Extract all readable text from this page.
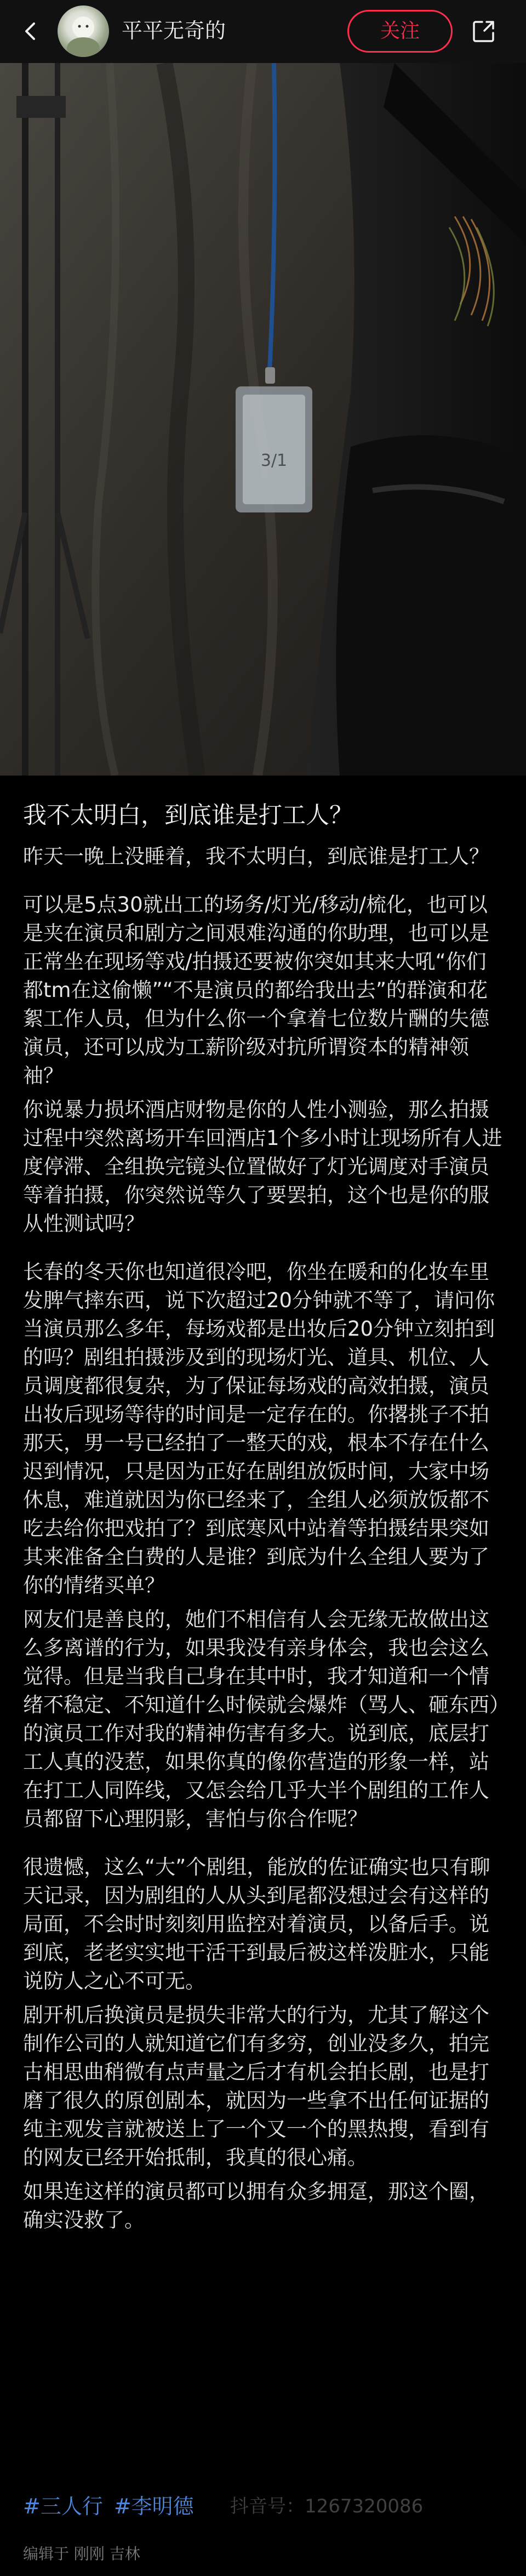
平平无奇的	关注
3/1
我不太明白，到底谁是打工人？

昨天一晚上没睡着，我不太明白，到底谁是打工人？

可以是5点30就出工的场务/灯光/移动/梳化，也可以是夹在演员和剧方之间艰难沟通的你助理，也可以是正常坐在现场等戏/拍摄还要被你突如其来大吼“你们都tm在这偷懒”“不是演员的都给我出去”的群演和花絮工作人员，但为什么你一个拿着七位数片酬的失德演员，还可以成为工薪阶级对抗所谓资本的精神领袖？

你说暴力损坏酒店财物是你的人性小测验，那么拍摄过程中突然离场开车回酒店1个多小时让现场所有人进度停滞、全组换完镜头位置做好了灯光调度对手演员等着拍摄，你突然说等久了要罢拍，这个也是你的服从性测试吗？

长春的冬天你也知道很冷吧，你坐在暖和的化妆车里发脾气摔东西，说下次超过20分钟就不等了，请问你当演员那么多年，每场戏都是出妆后20分钟立刻拍到的吗？剧组拍摄涉及到的现场灯光、道具、机位、人员调度都很复杂，为了保证每场戏的高效拍摄，演员出妆后现场等待的时间是一定存在的。你撂挑子不拍那天，男一号已经拍了一整天的戏，根本不存在什么迟到情况，只是因为正好在剧组放饭时间，大家中场休息，难道就因为你已经来了，全组人必须放饭都不吃去给你把戏拍了？到底寒风中站着等拍摄结果突如其来准备全白费的人是谁？到底为什么全组人要为了你的情绪买单？

网友们是善良的，她们不相信有人会无缘无故做出这么多离谱的行为，如果我没有亲身体会，我也会这么觉得。但是当我自己身在其中时，我才知道和一个情绪不稳定、不知道什么时候就会爆炸（骂人、砸东西）的演员工作对我的精神伤害有多大。说到底，底层打工人真的没惹，如果你真的像你营造的形象一样，站在打工人同阵线，又怎会给几乎大半个剧组的工作人员都留下心理阴影，害怕与你合作呢？

很遗憾，这么“大”个剧组，能放的佐证确实也只有聊天记录，因为剧组的人从头到尾都没想过会有这样的局面，不会时时刻刻用监控对着演员，以备后手。说到底，老老实实地干活干到最后被这样泼脏水，只能说防人之心不可无。

剧开机后换演员是损失非常大的行为，尤其了解这个制作公司的人就知道它们有多穷，创业没多久，拍完古相思曲稍微有点声量之后才有机会拍长剧，也是打磨了很久的原创剧本，就因为一些拿不出任何证据的纯主观发言就被送上了一个又一个的黑热搜，看到有的网友已经开始抵制，我真的很心痛。

如果连这样的演员都可以拥有众多拥趸，那这个圈，确实没救了。

#三人行 #李明德 抖音号：1267320086
编辑于 刚刚 吉林
